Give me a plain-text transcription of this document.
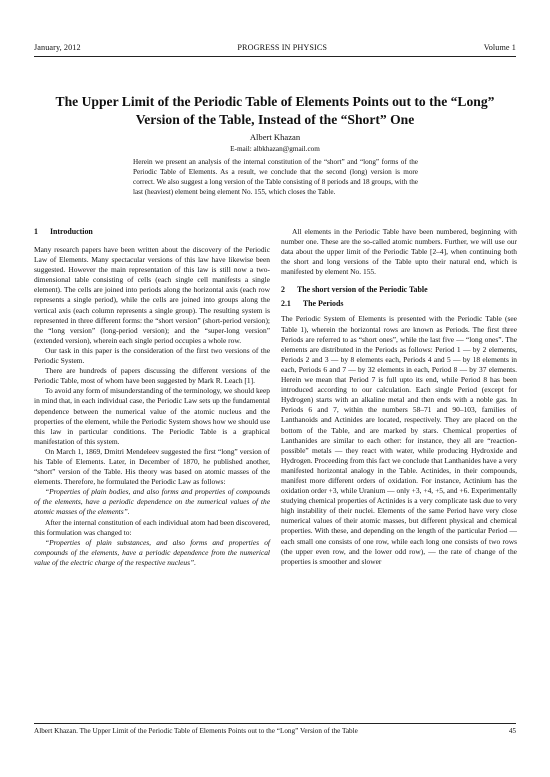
January, 2012	PROGRESS IN PHYSICS	Volume 1
The Upper Limit of the Periodic Table of Elements Points out to the “Long” Version of the Table, Instead of the “Short” One
Albert Khazan
E-mail: albkhazan@gmail.com
Herein we present an analysis of the internal constitution of the “short” and “long” forms of the Periodic Table of Elements. As a result, we conclude that the second (long) version is more correct. We also suggest a long version of the Table consisting of 8 periods and 18 groups, with the last (heaviest) element being element No. 155, which closes the Table.
1 Introduction

Many research papers have been written about the discovery of the Periodic Law of Elements. Many spectacular versions of this law have likewise been suggested. However the main representation of this law is still now a two-dimensional table consisting of cells (each single cell manifests a single element). The cells are joined into periods along the horizontal axis (each row represents a single period), while the cells are joined into groups along the vertical axis (each column represents a single group). The resulting system is represented in three different forms: the “short version” (short-period version); the “long version” (long-period version); and the “super-long version” (extended version), wherein each single period occupies a whole row.

Our task in this paper is the consideration of the first two versions of the Periodic System.

There are hundreds of papers discussing the different versions of the Periodic Table, most of whom have been suggested by Mark R. Leach [1].

To avoid any form of misunderstanding of the terminology, we should keep in mind that, in each individual case, the Periodic Law sets up the fundamental dependence between the numerical value of the atomic nucleus and the properties of the element, while the Periodic System shows how we should use this law in particular conditions. The Periodic Table is a graphical manifestation of this system.

On March 1, 1869, Dmitri Mendeleev suggested the first “long” version of his Table of Elements. Later, in December of 1870, he published another, “short” version of the Table. His theory was based on atomic masses of the elements. Therefore, he formulated the Periodic Law as follows:

“Properties of plain bodies, and also forms and properties of compounds of the elements, have a periodic dependence on the numerical values of the atomic masses of the elements”.

After the internal constitution of each individual atom had been discovered, this formulation was changed to:

“Properties of plain substances, and also forms and properties of compounds of the elements, have a periodic dependence from the numerical value of the electric charge of the respective nucleus”.

All elements in the Periodic Table have been numbered, beginning with number one. These are the so-called atomic numbers. Further, we will use our data about the upper limit of the Periodic Table [2–4], when continuing both the short and long versions of the Table upto their natural end, which is manifested by element No. 155.

2 The short version of the Periodic Table
2.1 The Periods

The Periodic System of Elements is presented with the Periodic Table (see Table 1), wherein the horizontal rows are known as Periods. The first three Periods are referred to as “short ones”, while the last five — “long ones”. The elements are distributed in the Periods as follows: Period 1 — by 2 elements, Periods 2 and 3 — by 8 elements each, Periods 4 and 5 — by 18 elements in each, Periods 6 and 7 — by 32 elements in each, Period 8 — by 37 elements. Herein we mean that Period 7 is full upto its end, while Period 8 has been introduced according to our calculation. Each single Period (except for Hydrogen) starts with an alkaline metal and then ends with a noble gas. In Periods 6 and 7, within the numbers 58–71 and 90–103, families of Lanthanoids and Actinides are located, respectively. They are placed on the bottom of the Table, and are marked by stars. Chemical properties of Lanthanides are similar to each other: for instance, they all are “reaction-possible” metals — they react with water, while producing Hydroxide and Hydrogen. Proceeding from this fact we conclude that Lanthanides have a very manifested horizontal analogy in the Table. Actinides, in their compounds, manifest more different orders of oxidation. For instance, Actinium has the oxidation order +3, while Uranium — only +3, +4, +5, and +6. Experimentally studying chemical properties of Actinides is a very complicate task due to very high instability of their nuclei. Elements of the same Period have very close numerical values of their atomic masses, but different physical and chemical properties. With these, and depending on the length of the particular Period — each small one consists of one row, while each long one consists of two rows (the upper even row, and the lower odd row), — the rate of change of the properties is smoother and slower

Albert Khazan. The Upper Limit of the Periodic Table of Elements Points out to the “Long” Version of the Table	45
